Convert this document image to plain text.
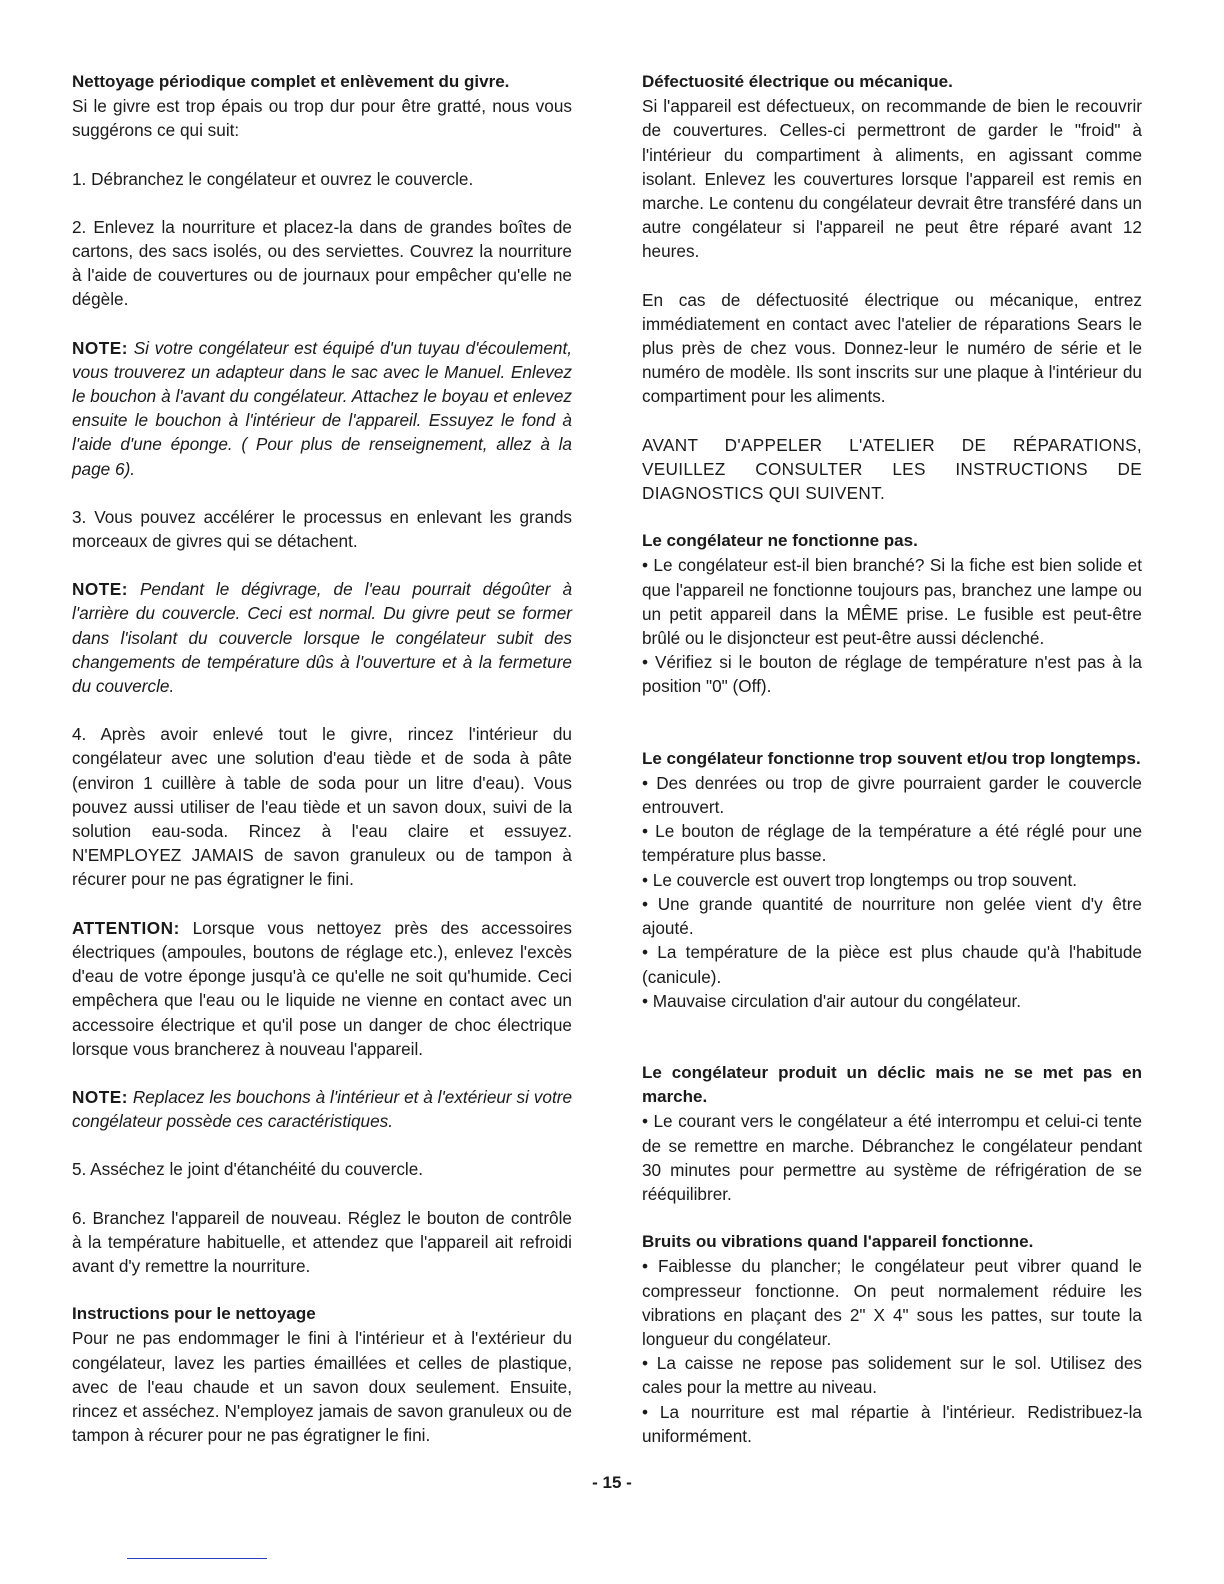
Nettoyage périodique complet et enlèvement du givre.

Si le givre est trop épais ou trop dur pour être gratté, nous vous suggérons ce qui suit:

1. Débranchez le congélateur et ouvrez le couvercle.

2. Enlevez la nourriture et placez-la dans de grandes boîtes de cartons, des sacs isolés, ou des serviettes. Couvrez la nourriture à l'aide de couvertures ou de journaux pour empêcher qu'elle ne dégèle.

NOTE: Si votre congélateur est équipé d'un tuyau d'écoulement, vous trouverez un adapteur dans le sac avec le Manuel. Enlevez le bouchon à l'avant du congélateur. Attachez le boyau et enlevez ensuite le bouchon à l'intérieur de l'appareil. Essuyez le fond à l'aide d'une éponge. ( Pour plus de renseignement, allez à la page 6).

3. Vous pouvez accélérer le processus en enlevant les grands morceaux de givres qui se détachent.

NOTE: Pendant le dégivrage, de l'eau pourrait dégoûter à l'arrière du couvercle. Ceci est normal. Du givre peut se former dans l'isolant du couvercle lorsque le congélateur subit des changements de température dûs à l'ouverture et à la fermeture du couvercle.

4. Après avoir enlevé tout le givre, rincez l'intérieur du congélateur avec une solution d'eau tiède et de soda à pâte (environ 1 cuillère à table de soda pour un litre d'eau). Vous pouvez aussi utiliser de l'eau tiède et un savon doux, suivi de la solution eau-soda. Rincez à l'eau claire et essuyez. N'EMPLOYEZ JAMAIS de savon granuleux ou de tampon à récurer pour ne pas égratigner le fini.

ATTENTION: Lorsque vous nettoyez près des accessoires électriques (ampoules, boutons de réglage etc.), enlevez l'excès d'eau de votre éponge jusqu'à ce qu'elle ne soit qu'humide. Ceci empêchera que l'eau ou le liquide ne vienne en contact avec un accessoire électrique et qu'il pose un danger de choc électrique lorsque vous brancherez à nouveau l'appareil.

NOTE: Replacez les bouchons à l'intérieur et à l'extérieur si votre congélateur possède ces caractéristiques.

5. Asséchez le joint d'étanchéité du couvercle.

6. Branchez l'appareil de nouveau. Réglez le bouton de contrôle à la température habituelle, et attendez que l'appareil ait refroidi avant d'y remettre la nourriture.

Instructions pour le nettoyage

Pour ne pas endommager le fini à l'intérieur et à l'extérieur du congélateur, lavez les parties émaillées et celles de plastique, avec de l'eau chaude et un savon doux seulement. Ensuite, rincez et asséchez. N'employez jamais de savon granuleux ou de tampon à récurer pour ne pas égratigner le fini.

Défectuosité électrique ou mécanique.

Si l'appareil est défectueux, on recommande de bien le recouvrir de couvertures. Celles-ci permettront de garder le "froid" à l'intérieur du compartiment à aliments, en agissant comme isolant. Enlevez les couvertures lorsque l'appareil est remis en marche. Le contenu du congélateur devrait être transféré dans un autre congélateur si l'appareil ne peut être réparé avant 12 heures.

En cas de défectuosité électrique ou mécanique, entrez immédiatement en contact avec l'atelier de réparations Sears le plus près de chez vous. Donnez-leur le numéro de série et le numéro de modèle. Ils sont inscrits sur une plaque à l'intérieur du compartiment pour les aliments.

AVANT D'APPELER L'ATELIER DE RÉPARATIONS, VEUILLEZ CONSULTER LES INSTRUCTIONS DE DIAGNOSTICS QUI SUIVENT.

Le congélateur ne fonctionne pas.

• Le congélateur est-il bien branché? Si la fiche est bien solide et que l'appareil ne fonctionne toujours pas, branchez une lampe ou un petit appareil dans la MÊME prise. Le fusible est peut-être brûlé ou le disjoncteur est peut-être aussi déclenché.

• Vérifiez si le bouton de réglage de température n'est pas à la position "0" (Off).

Le congélateur fonctionne trop souvent et/ou trop longtemps.

• Des denrées ou trop de givre pourraient garder le couvercle entrouvert.

• Le bouton de réglage de la température a été réglé pour une température plus basse.

• Le couvercle est ouvert trop longtemps ou trop souvent.

• Une grande quantité de nourriture non gelée vient d'y être ajouté.

• La température de la pièce est plus chaude qu'à l'habitude (canicule).

• Mauvaise circulation d'air autour du congélateur.

Le congélateur produit un déclic mais ne se met pas en marche.

• Le courant vers le congélateur a été interrompu et celui-ci tente de se remettre en marche. Débranchez le congélateur pendant 30 minutes pour permettre au système de réfrigération de se rééquilibrer.

Bruits ou vibrations quand l'appareil fonctionne.

• Faiblesse du plancher; le congélateur peut vibrer quand le compresseur fonctionne. On peut normalement réduire les vibrations en plaçant des 2" X 4" sous les pattes, sur toute la longueur du congélateur.

• La caisse ne repose pas solidement sur le sol. Utilisez des cales pour la mettre au niveau.

• La nourriture est mal répartie à l'intérieur. Redistribuez-la uniformément.

- 15 -
